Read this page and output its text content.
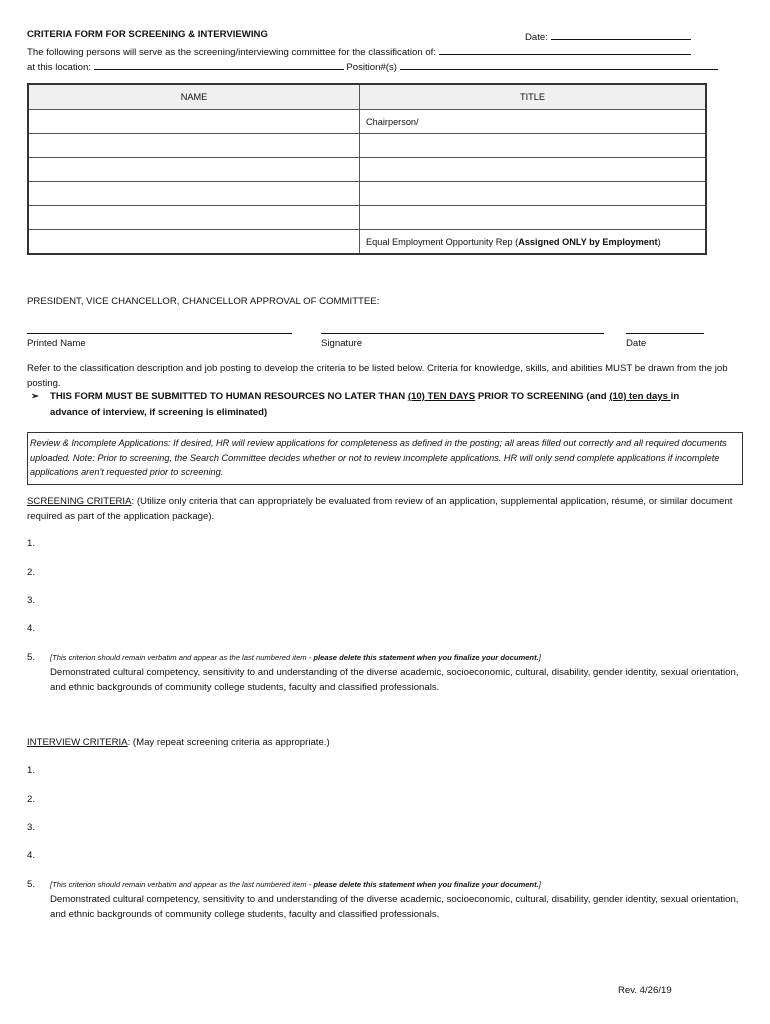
CRITERIA FORM FOR SCREENING & INTERVIEWING	Date:
The following persons will serve as the screening/interviewing committee for the classification of:
at this location:	Position#(s)
NAME	TITLE
	Chairperson/

	Equal Employment Opportunity Rep (Assigned ONLY by Employment)
PRESIDENT, VICE CHANCELLOR, CHANCELLOR APPROVAL OF COMMITTEE:
Printed Name	Signature	Date
Refer to the classification description and job posting to develop the criteria to be listed below. Criteria for knowledge, skills, and abilities MUST be drawn from the job posting.
➢ THIS FORM MUST BE SUBMITTED TO HUMAN RESOURCES NO LATER THAN (10) TEN DAYS PRIOR TO SCREENING (and (10) ten days in
advance of interview, if screening is eliminated)
Review & Incomplete Applications: If desired, HR will review applications for completeness as defined in the posting; all areas filled out correctly and all required documents uploaded. Note: Prior to screening, the Search Committee decides whether or not to review incomplete applications. HR will only send complete applications if incomplete applications aren't requested prior to screening.
SCREENING CRITERIA: (Utilize only criteria that can appropriately be evaluated from review of an application, supplemental application, résumé, or similar document required as part of the application package).
1.
2.
3.
4.
5. [This criterion should remain verbatim and appear as the last numbered item - please delete this statement when you finalize your document.]
Demonstrated cultural competency, sensitivity to and understanding of the diverse academic, socioeconomic, cultural, disability, gender identity, sexual orientation, and ethnic backgrounds of community college students, faculty and classified professionals.
INTERVIEW CRITERIA: (May repeat screening criteria as appropriate.)
1.
2.
3.
4.
5. [This criterion should remain verbatim and appear as the last numbered item - please delete this statement when you finalize your document.]
Demonstrated cultural competency, sensitivity to and understanding of the diverse academic, socioeconomic, cultural, disability, gender identity, sexual orientation, and ethnic backgrounds of community college students, faculty and classified professionals.
Rev. 4/26/19
